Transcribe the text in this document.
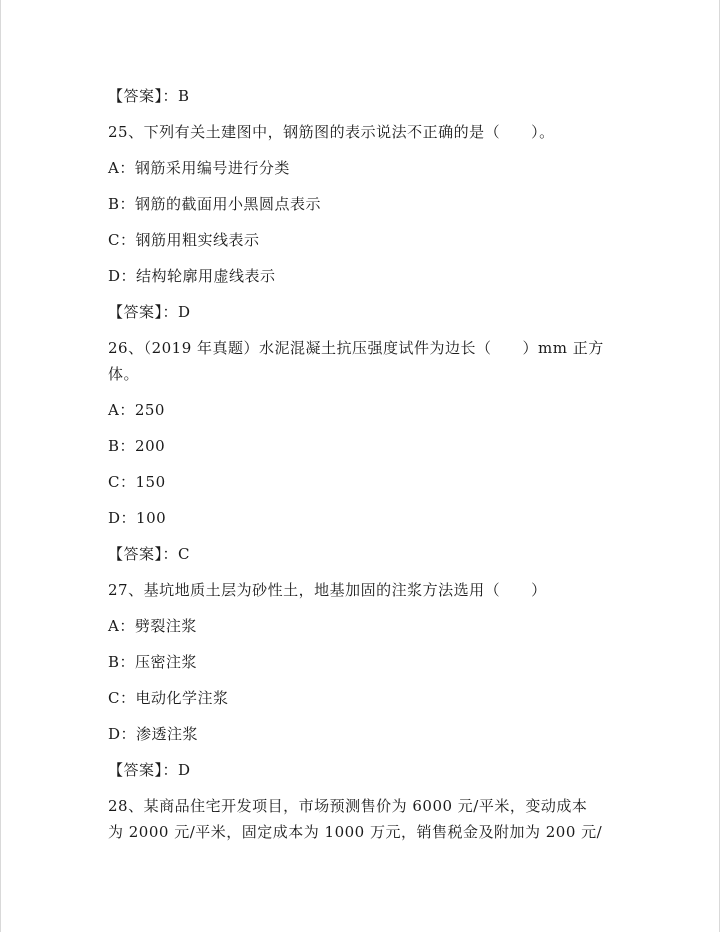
【答案】：B
25、下列有关土建图中，钢筋图的表示说法不正确的是（　　）。
A：钢筋采用编号进行分类
B：钢筋的截面用小黑圆点表示
C：钢筋用粗实线表示
D：结构轮廓用虚线表示
【答案】：D
26、（2019 年真题）水泥混凝土抗压强度试件为边长（　　）mm 正方
体。
A：250
B：200
C：150
D：100
【答案】：C
27、基坑地质土层为砂性土，地基加固的注浆方法选用（　　）
A：劈裂注浆
B：压密注浆
C：电动化学注浆
D：渗透注浆
【答案】：D
28、某商品住宅开发项目，市场预测售价为 6000 元/平米，变动成本
为 2000 元/平米，固定成本为 1000 万元，销售税金及附加为 200 元/
